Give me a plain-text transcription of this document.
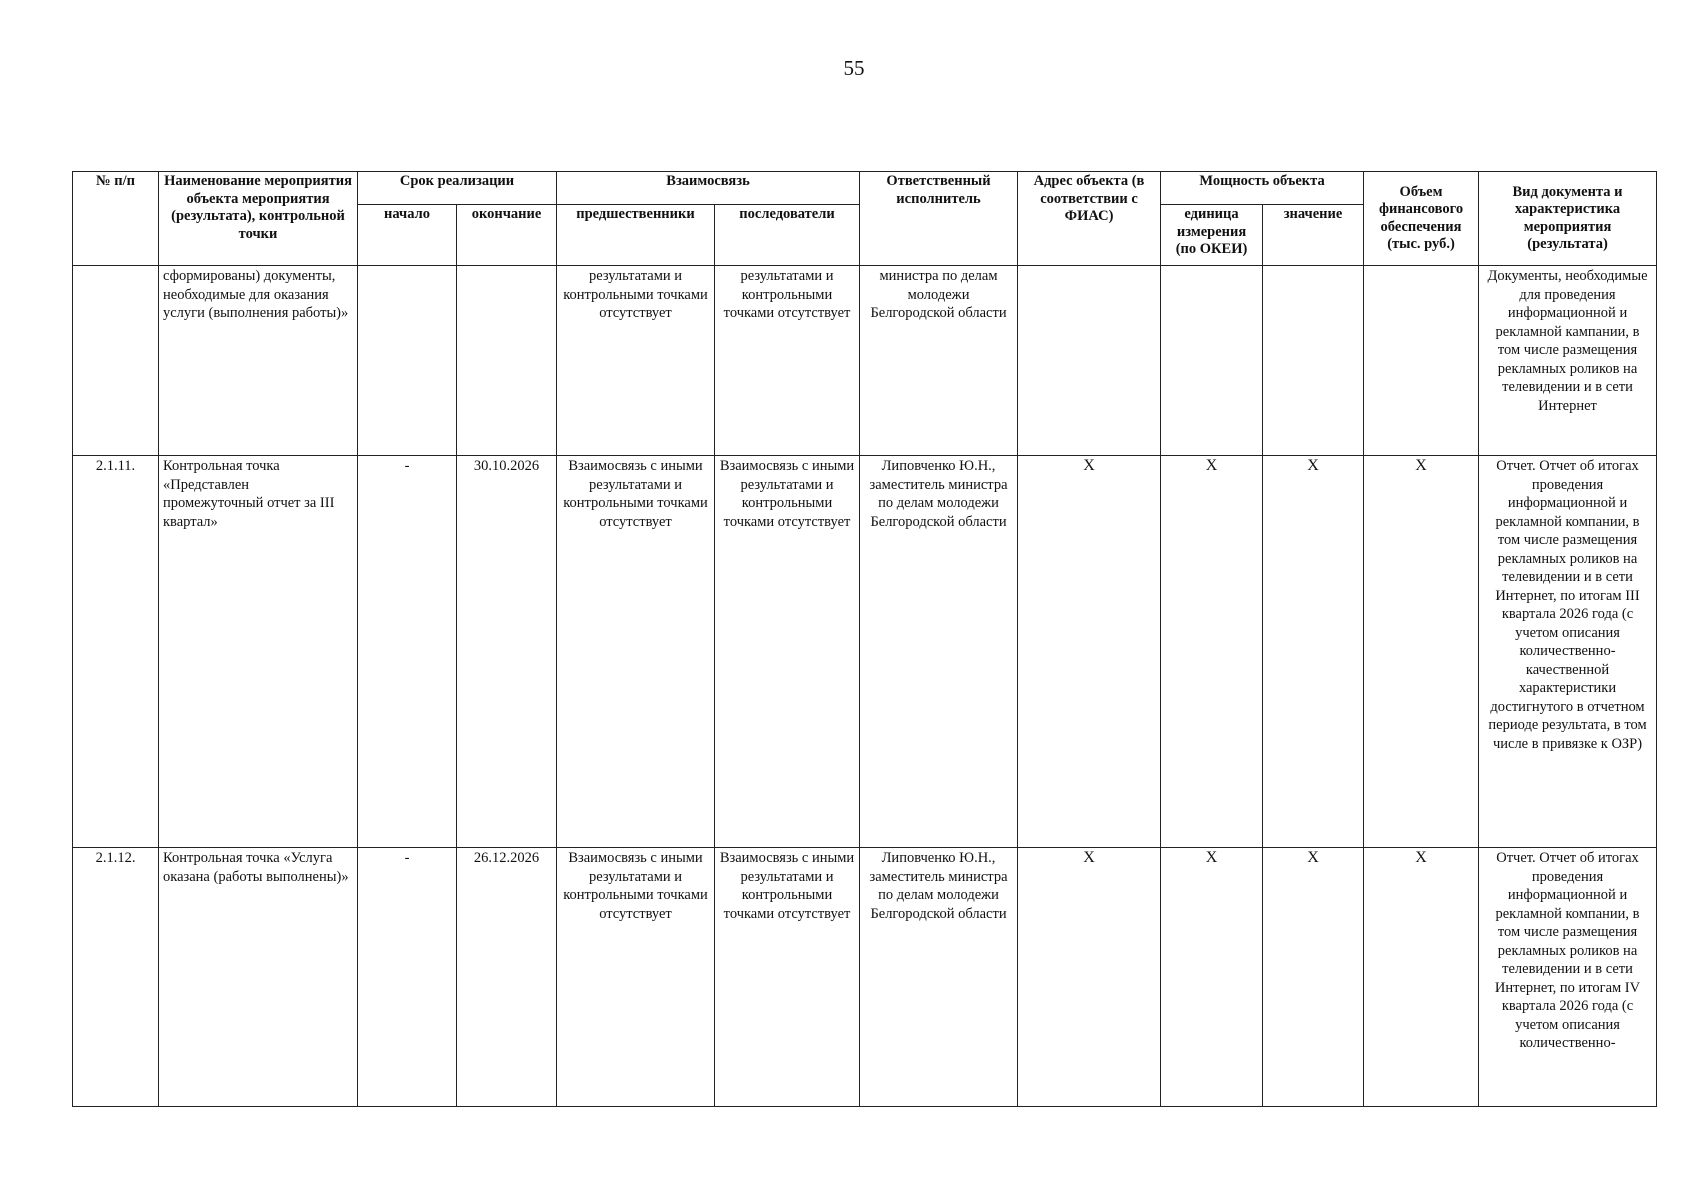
55
№ п/п	Наименование мероприятия объекта мероприятия (результата), контрольной точки	Срок реализации		Взаимосвязь		Ответственный исполнитель	Адрес объекта (в соответствии с ФИАС)	Мощность объекта		Объем финансового обеспечения (тыс. руб.)	Вид документа и характеристика мероприятия (результата)
		начало	окончание	предшественники	последователи			единица измерения (по ОКЕИ)	значение		
	сформированы) документы, необходимые для оказания услуги (выполнения работы)»			результатами и контрольными точками отсутствует	результатами и контрольными точками отсутствует	министра по делам молодежи Белгородской области					Документы, необходимые для проведения информационной и рекламной кампании, в том числе размещения рекламных роликов на телевидении и в сети Интернет
2.1.11.	Контрольная точка «Представлен промежуточный отчет за III квартал»	-	30.10.2026	Взаимосвязь с иными результатами и контрольными точками отсутствует	Взаимосвязь с иными результатами и контрольными точками отсутствует	Липовченко Ю.Н., заместитель министра по делам молодежи Белгородской области	X	X	X	X	Отчет. Отчет об итогах проведения информационной и рекламной компании, в том числе размещения рекламных роликов на телевидении и в сети Интернет, по итогам III квартала 2026 года (с учетом описания количественно-качественной характеристики достигнутого в отчетном периоде результата, в том числе в привязке к ОЗР)
2.1.12.	Контрольная точка «Услуга оказана (работы выполнены)»	-	26.12.2026	Взаимосвязь с иными результатами и контрольными точками отсутствует	Взаимосвязь с иными результатами и контрольными точками отсутствует	Липовченко Ю.Н., заместитель министра по делам молодежи Белгородской области	X	X	X	X	Отчет. Отчет об итогах проведения информационной и рекламной компании, в том числе размещения рекламных роликов на телевидении и в сети Интернет, по итогам IV квартала 2026 года (с учетом описания количественно-
